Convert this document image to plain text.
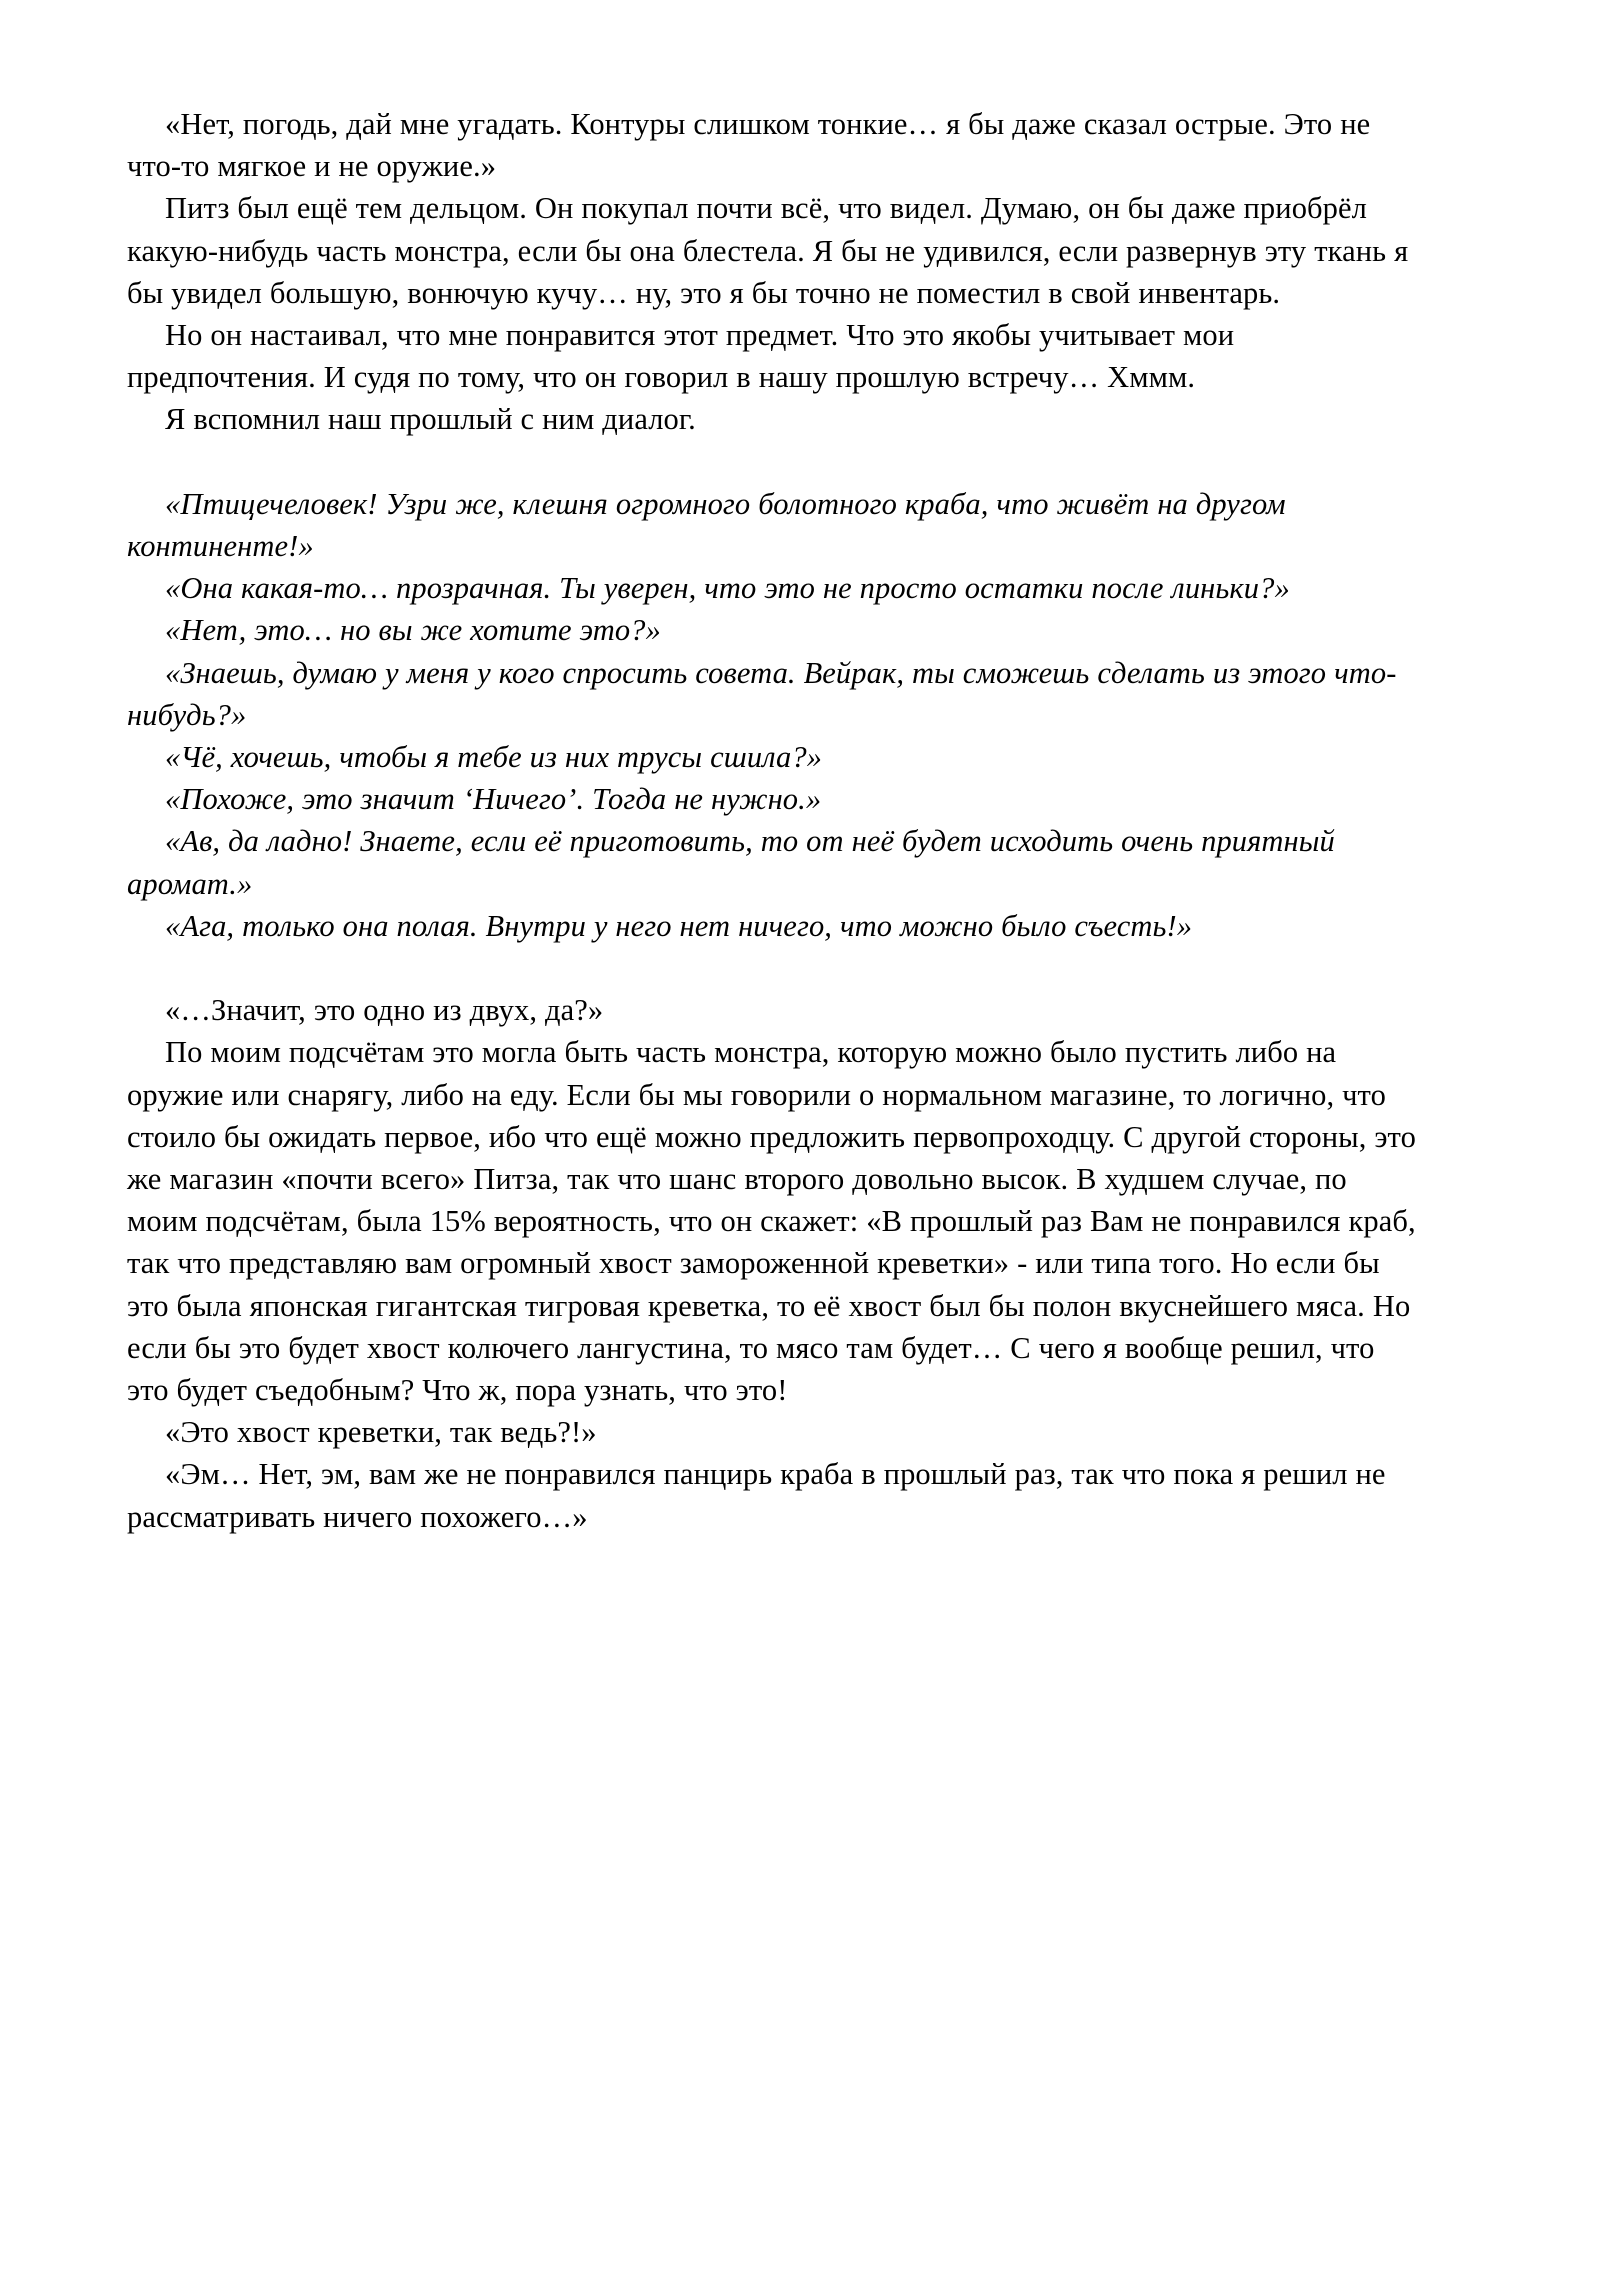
«Нет, погодь, дай мне угадать. Контуры слишком тонкие… я бы даже сказал острые. Это не что-то мягкое и не оружие.»

Питз был ещё тем дельцом. Он покупал почти всё, что видел. Думаю, он бы даже приобрёл какую-нибудь часть монстра, если бы она блестела. Я бы не удивился, если развернув эту ткань я бы увидел большую, вонючую кучу… ну, это я бы точно не поместил в свой инвентарь.

Но он настаивал, что мне понравится этот предмет. Что это якобы учитывает мои предпочтения. И судя по тому, что он говорил в нашу прошлую встречу… Хммм.

Я вспомнил наш прошлый с ним диалог.

«Птицечеловек! Узри же, клешня огромного болотного краба, что живёт на другом континенте!»

«Она какая-то… прозрачная. Ты уверен, что это не просто остатки после линьки?»

«Нет, это… но вы же хотите это?»

«Знаешь, думаю у меня у кого спросить совета. Вейрак, ты сможешь сделать из этого что-нибудь?»

«Чё, хочешь, чтобы я тебе из них трусы сшила?»

«Похоже, это значит ‘Ничего’. Тогда не нужно.»

«Ав, да ладно! Знаете, если её приготовить, то от неё будет исходить очень приятный аромат.»

«Ага, только она полая. Внутри у него нет ничего, что можно было съесть!»

«…Значит, это одно из двух, да?»

По моим подсчётам это могла быть часть монстра, которую можно было пустить либо на оружие или снарягу, либо на еду. Если бы мы говорили о нормальном магазине, то логично, что стоило бы ожидать первое, ибо что ещё можно предложить первопроходцу. С другой стороны, это же магазин «почти всего» Питза, так что шанс второго довольно высок. В худшем случае, по моим подсчётам, была 15% вероятность, что он скажет: «В прошлый раз Вам не понравился краб, так что представляю вам огромный хвост замороженной креветки» - или типа того. Но если бы это была японская гигантская тигровая креветка, то её хвост был бы полон вкуснейшего мяса. Но если бы это будет хвост колючего лангустина, то мясо там будет… С чего я вообще решил, что это будет съедобным? Что ж, пора узнать, что это!

«Это хвост креветки, так ведь?!»

«Эм… Нет, эм, вам же не понравился панцирь краба в прошлый раз, так что пока я решил не рассматривать ничего похожего…»
